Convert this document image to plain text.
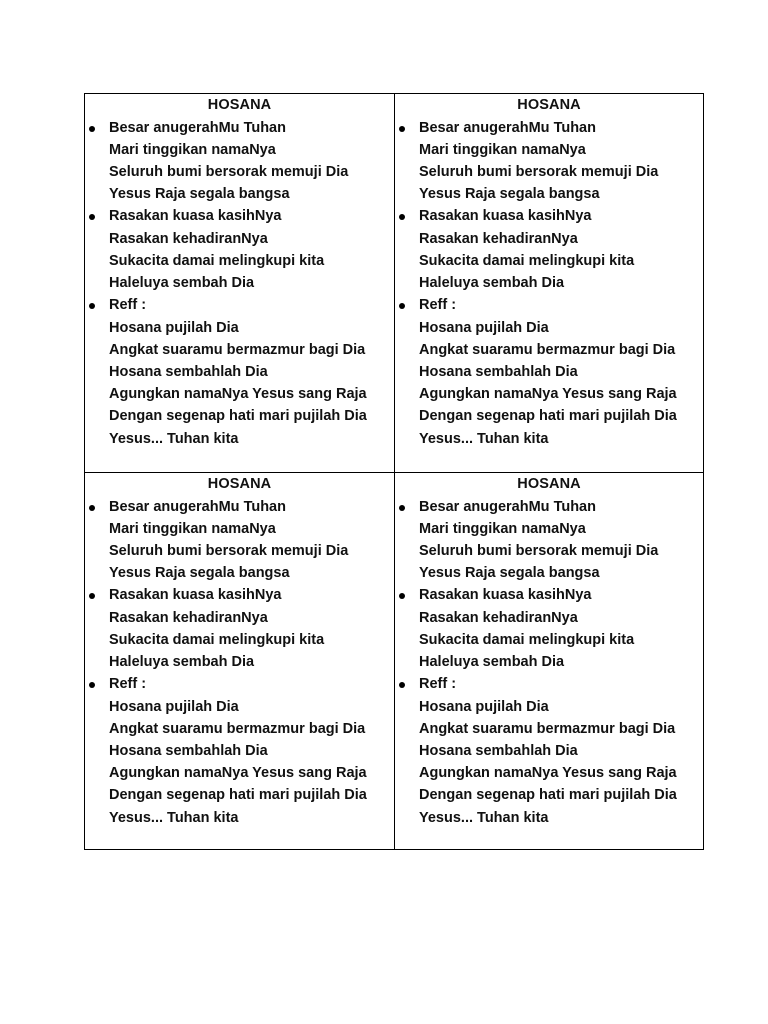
HOSANA
Besar anugerahMu Tuhan
Mari tinggikan namaNya
Seluruh bumi bersorak memuji Dia
Yesus Raja segala bangsa
Rasakan kuasa kasihNya
Rasakan kehadiranNya
Sukacita damai melingkupi kita
Haleluya sembah Dia
Reff :
Hosana pujilah Dia
Angkat suaramu bermazmur bagi Dia
Hosana sembahlah Dia
Agungkan namaNya Yesus sang Raja
Dengan segenap hati mari pujilah Dia
Yesus... Tuhan kita
HOSANA
Besar anugerahMu Tuhan
Mari tinggikan namaNya
Seluruh bumi bersorak memuji Dia
Yesus Raja segala bangsa
Rasakan kuasa kasihNya
Rasakan kehadiranNya
Sukacita damai melingkupi kita
Haleluya sembah Dia
Reff :
Hosana pujilah Dia
Angkat suaramu bermazmur bagi Dia
Hosana sembahlah Dia
Agungkan namaNya Yesus sang Raja
Dengan segenap hati mari pujilah Dia
Yesus... Tuhan kita
HOSANA
Besar anugerahMu Tuhan
Mari tinggikan namaNya
Seluruh bumi bersorak memuji Dia
Yesus Raja segala bangsa
Rasakan kuasa kasihNya
Rasakan kehadiranNya
Sukacita damai melingkupi kita
Haleluya sembah Dia
Reff :
Hosana pujilah Dia
Angkat suaramu bermazmur bagi Dia
Hosana sembahlah Dia
Agungkan namaNya Yesus sang Raja
Dengan segenap hati mari pujilah Dia
Yesus... Tuhan kita
HOSANA
Besar anugerahMu Tuhan
Mari tinggikan namaNya
Seluruh bumi bersorak memuji Dia
Yesus Raja segala bangsa
Rasakan kuasa kasihNya
Rasakan kehadiranNya
Sukacita damai melingkupi kita
Haleluya sembah Dia
Reff :
Hosana pujilah Dia
Angkat suaramu bermazmur bagi Dia
Hosana sembahlah Dia
Agungkan namaNya Yesus sang Raja
Dengan segenap hati mari pujilah Dia
Yesus... Tuhan kita
